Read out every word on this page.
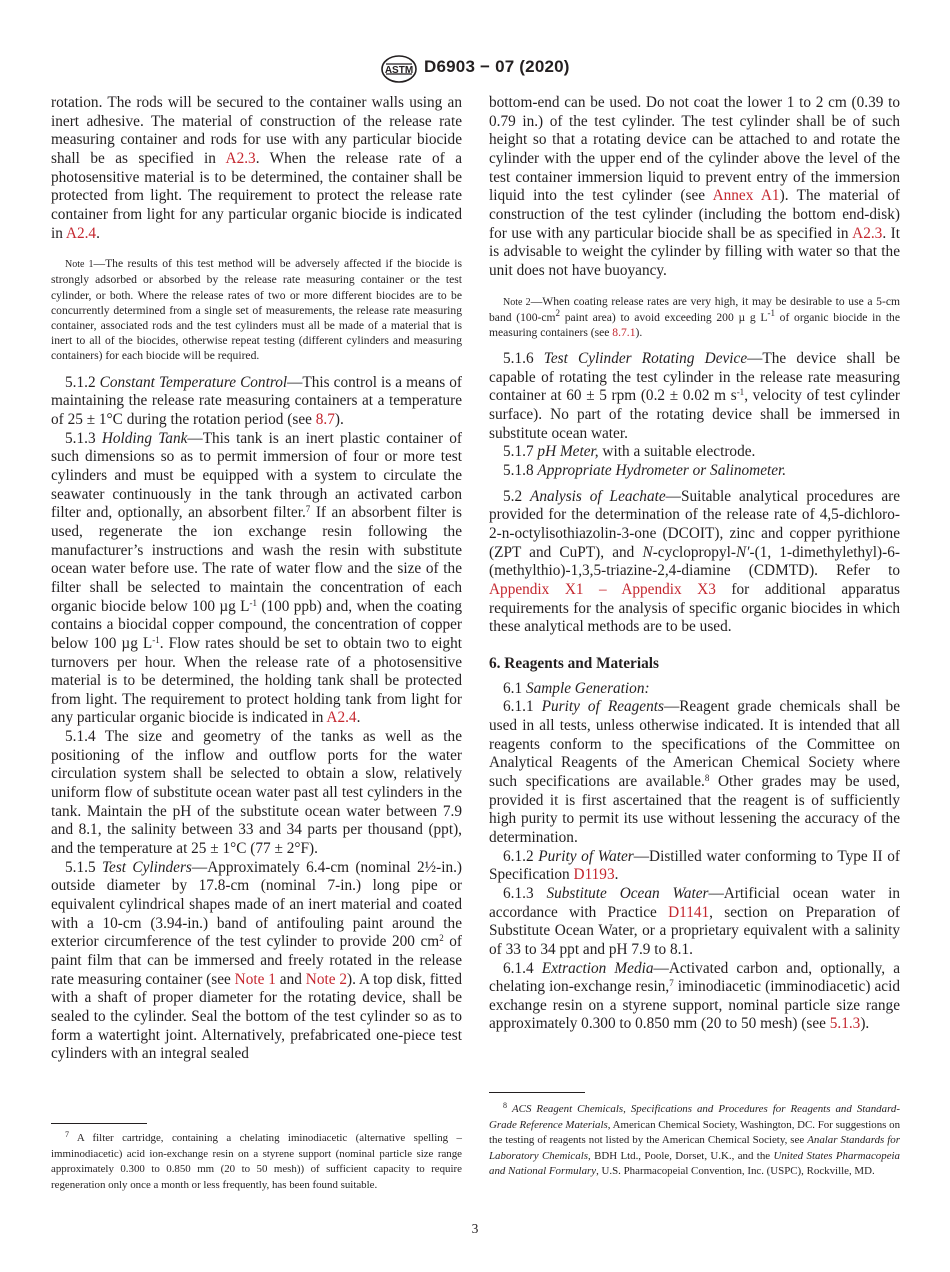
ASTM D6903 − 07 (2020)

rotation. The rods will be secured to the container walls using an inert adhesive. The material of construction of the release rate measuring container and rods for use with any particular biocide shall be as specified in A2.3. When the release rate of a photosensitive material is to be determined, the container shall be protected from light. The requirement to protect the release rate container from light for any particular organic biocide is indicated in A2.4.

Note 1—The results of this test method will be adversely affected if the biocide is strongly adsorbed or absorbed by the release rate measuring container or the test cylinder, or both. Where the release rates of two or more different biocides are to be concurrently determined from a single set of measurements, the release rate measuring container, associated rods and the test cylinders must all be made of a material that is inert to all of the biocides, otherwise repeat testing (different cylinders and measuring containers) for each biocide will be required.

5.1.2 Constant Temperature Control—This control is a means of maintaining the release rate measuring containers at a temperature of 25 ± 1°C during the rotation period (see 8.7).

5.1.3 Holding Tank—This tank is an inert plastic container of such dimensions so as to permit immersion of four or more test cylinders and must be equipped with a system to circulate the seawater continuously in the tank through an activated carbon filter and, optionally, an absorbent filter.$^7$ If an absorbent filter is used, regenerate the ion exchange resin following the manufacturer’s instructions and wash the resin with substitute ocean water before use. The rate of water flow and the size of the filter shall be selected to maintain the concentration of each organic biocide below 100 µg $L^{-1}$ (100 ppb) and, when the coating contains a biocidal copper compound, the concentration of copper below 100 µg $L^{-1}$. Flow rates should be set to obtain two to eight turnovers per hour. When the release rate of a photosensitive material is to be determined, the holding tank shall be protected from light. The requirement to protect holding tank from light for any particular organic biocide is indicated in A2.4.

5.1.4 The size and geometry of the tanks as well as the positioning of the inflow and outflow ports for the water circulation system shall be selected to obtain a slow, relatively uniform flow of substitute ocean water past all test cylinders in the tank. Maintain the pH of the substitute ocean water between 7.9 and 8.1, the salinity between 33 and 34 parts per thousand (ppt), and the temperature at 25 ± 1°C (77 ± 2°F).

5.1.5 Test Cylinders—Approximately 6.4-cm (nominal 2½-in.) outside diameter by 17.8-cm (nominal 7-in.) long pipe or equivalent cylindrical shapes made of an inert material and coated with a 10-cm (3.94-in.) band of antifouling paint around the exterior circumference of the test cylinder to provide 200 $cm^2$ of paint film that can be immersed and freely rotated in the release rate measuring container (see Note 1 and Note 2). A top disk, fitted with a shaft of proper diameter for the rotating device, shall be sealed to the cylinder. Seal the bottom of the test cylinder so as to form a watertight joint. Alternatively, prefabricated one-piece test cylinders with an integral sealed

bottom-end can be used. Do not coat the lower 1 to 2 cm (0.39 to 0.79 in.) of the test cylinder. The test cylinder shall be of such height so that a rotating device can be attached to and rotate the cylinder with the upper end of the cylinder above the level of the test container immersion liquid to prevent entry of the immersion liquid into the test cylinder (see Annex A1). The material of construction of the test cylinder (including the bottom end-disk) for use with any particular biocide shall be as specified in A2.3. It is advisable to weight the cylinder by filling with water so that the unit does not have buoyancy.

Note 2—When coating release rates are very high, it may be desirable to use a 5-cm band ($100-cm^2$ paint area) to avoid exceeding 200 µ g $L^{-1}$ of organic biocide in the measuring containers (see 8.7.1).

5.1.6 Test Cylinder Rotating Device—The device shall be capable of rotating the test cylinder in the release rate measuring container at 60 ± 5 rpm (0.2 ± 0.02 m $s^{-1}$, velocity of test cylinder surface). No part of the rotating device shall be immersed in substitute ocean water.

5.1.7 pH Meter, with a suitable electrode.

5.1.8 Appropriate Hydrometer or Salinometer.

5.2 Analysis of Leachate—Suitable analytical procedures are provided for the determination of the release rate of 4,5-dichloro-2-n-octylisothiazolin-3-one (DCOIT), zinc and copper pyrithione (ZPT and CuPT), and N-cyclopropyl-N′-(1, 1-dimethylethyl)-6-(methylthio)-1,3,5-triazine-2,4-diamine (CDMTD). Refer to Appendix X1 – Appendix X3 for additional apparatus requirements for the analysis of specific organic biocides in which these analytical methods are to be used.

6. Reagents and Materials

6.1 Sample Generation:

6.1.1 Purity of Reagents—Reagent grade chemicals shall be used in all tests, unless otherwise indicated. It is intended that all reagents conform to the specifications of the Committee on Analytical Reagents of the American Chemical Society where such specifications are available.$^8$ Other grades may be used, provided it is first ascertained that the reagent is of sufficiently high purity to permit its use without lessening the accuracy of the determination.

6.1.2 Purity of Water—Distilled water conforming to Type II of Specification D1193.

6.1.3 Substitute Ocean Water—Artificial ocean water in accordance with Practice D1141, section on Preparation of Substitute Ocean Water, or a proprietary equivalent with a salinity of 33 to 34 ppt and pH 7.9 to 8.1.

6.1.4 Extraction Media—Activated carbon and, optionally, a chelating ion-exchange resin,$^7$ iminodiacetic (imminodiacetic) acid exchange resin on a styrene support, nominal particle size range approximately 0.300 to 0.850 mm (20 to 50 mesh) (see 5.1.3).

$^7$ A filter cartridge, containing a chelating iminodiacetic (alternative spelling – imminodiacetic) acid ion-exchange resin on a styrene support (nominal particle size range approximately 0.300 to 0.850 mm (20 to 50 mesh)) of sufficient capacity to require regeneration only once a month or less frequently, has been found suitable.

$^8$ ACS Reagent Chemicals, Specifications and Procedures for Reagents and Standard-Grade Reference Materials, American Chemical Society, Washington, DC. For suggestions on the testing of reagents not listed by the American Chemical Society, see Analar Standards for Laboratory Chemicals, BDH Ltd., Poole, Dorset, U.K., and the United States Pharmacopeia and National Formulary, U.S. Pharmacopeial Convention, Inc. (USPC), Rockville, MD.

3
